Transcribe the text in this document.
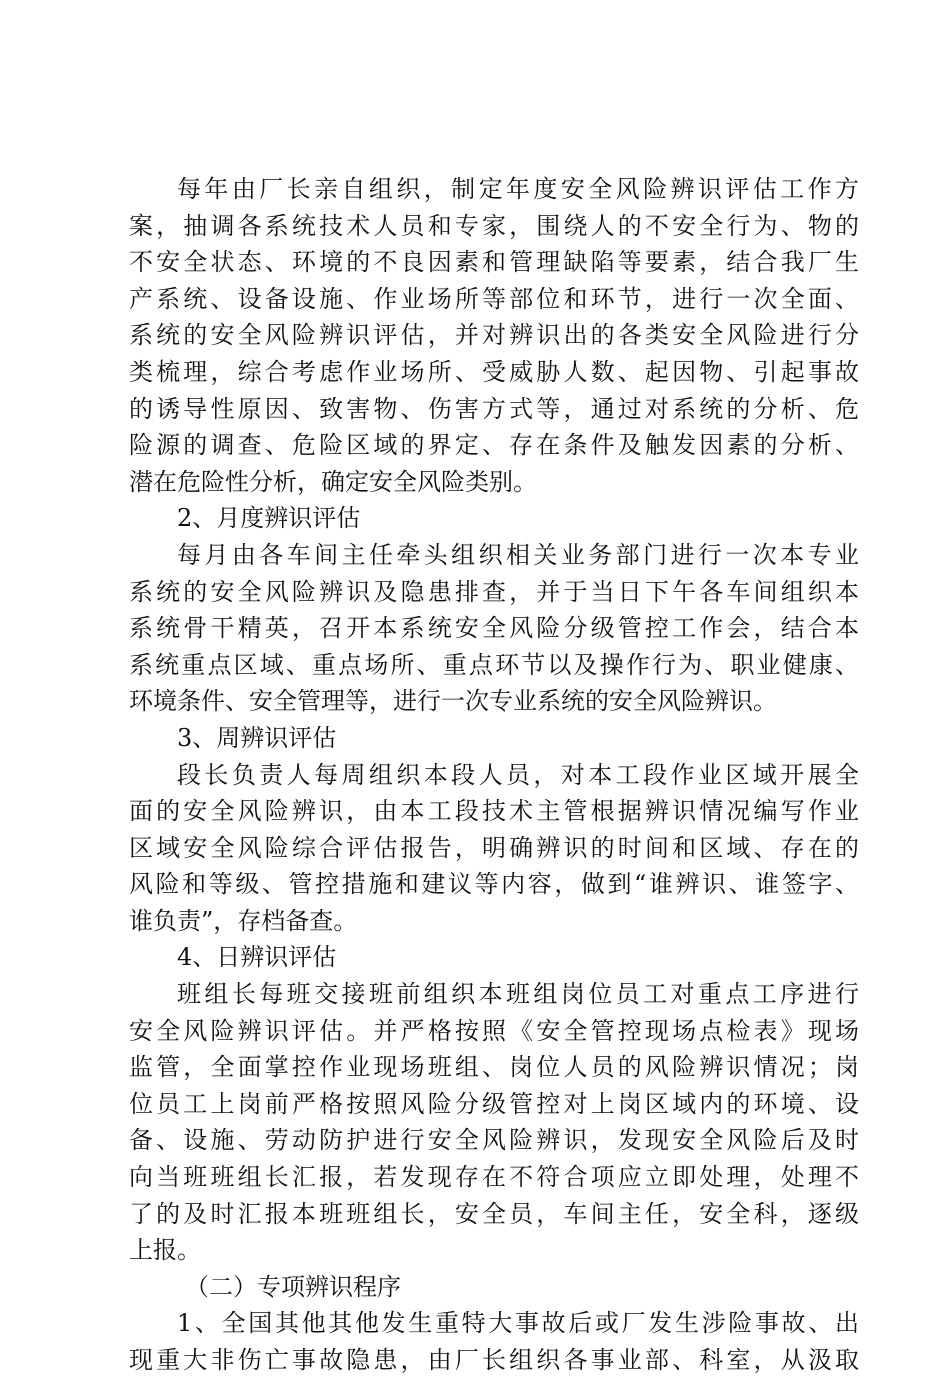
每年由厂长亲自组织，制定年度安全风险辨识评估工作方
案，抽调各系统技术人员和专家，围绕人的不安全行为、物的
不安全状态、环境的不良因素和管理缺陷等要素，结合我厂生
产系统、设备设施、作业场所等部位和环节，进行一次全面、
系统的安全风险辨识评估，并对辨识出的各类安全风险进行分
类梳理，综合考虑作业场所、受威胁人数、起因物、引起事故
的诱导性原因、致害物、伤害方式等，通过对系统的分析、危
险源的调查、危险区域的界定、存在条件及触发因素的分析、
潜在危险性分析，确定安全风险类别。
2、月度辨识评估
每月由各车间主任牵头组织相关业务部门进行一次本专业
系统的安全风险辨识及隐患排查，并于当日下午各车间组织本
系统骨干精英，召开本系统安全风险分级管控工作会，结合本
系统重点区域、重点场所、重点环节以及操作行为、职业健康、
环境条件、安全管理等，进行一次专业系统的安全风险辨识。
3、周辨识评估
段长负责人每周组织本段人员，对本工段作业区域开展全
面的安全风险辨识，由本工段技术主管根据辨识情况编写作业
区域安全风险综合评估报告，明确辨识的时间和区域、存在的
风险和等级、管控措施和建议等内容，做到“谁辨识、谁签字、
谁负责”，存档备查。
4、日辨识评估
班组长每班交接班前组织本班组岗位员工对重点工序进行
安全风险辨识评估。并严格按照《安全管控现场点检表》现场
监管，全面掌控作业现场班组、岗位人员的风险辨识情况；岗
位员工上岗前严格按照风险分级管控对上岗区域内的环境、设
备、设施、劳动防护进行安全风险辨识，发现安全风险后及时
向当班班组长汇报，若发现存在不符合项应立即处理，处理不
了的及时汇报本班班组长，安全员，车间主任，安全科，逐级
上报。
（二）专项辨识程序
1、全国其他其他发生重特大事故后或厂发生涉险事故、出
现重大非伤亡事故隐患，由厂长组织各事业部、科室，从汲取
